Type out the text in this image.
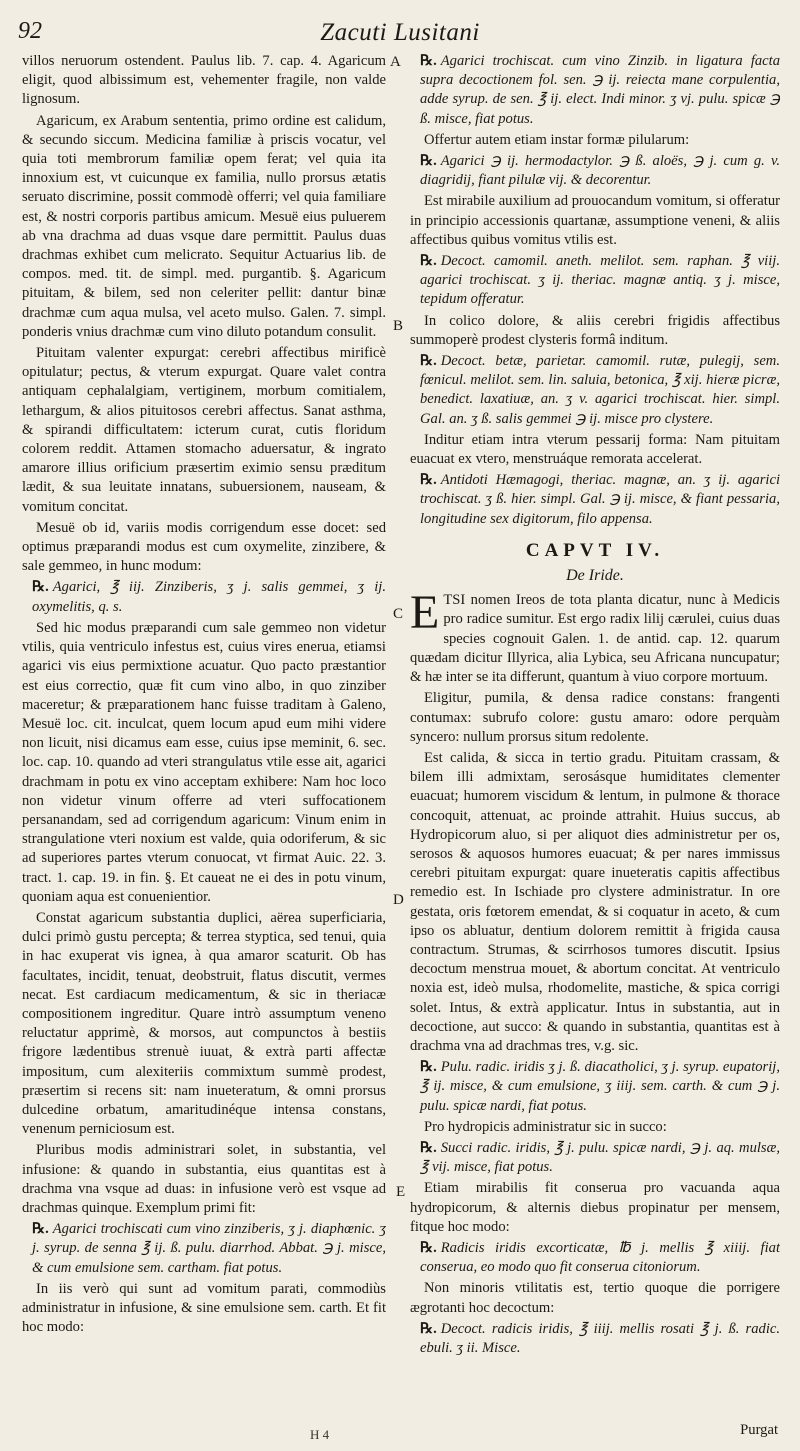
92	Zacuti Lusitani
A
B
C
D
E

villos neruorum ostendent. Paulus lib. 7. cap. 4. Agaricum eligit, quod albissimum est, vehementer fragile, non valde lignosum.

Agaricum, ex Arabum sententia, primo ordine est calidum, & secundo siccum. Medicina familiæ à priscis vocatur, vel quia toti membrorum familiæ opem ferat; vel quia ita innoxium est, vt cuicunque ex familia, nullo prorsus ætatis seruato discrimine, possit commodè offerri; vel quia familiare est, & nostri corporis partibus amicum. Mesuë eius puluerem ab vna drachma ad duas vsque dare permittit. Paulus duas drachmas exhibet cum melicrato. Sequitur Actuarius lib. de compos. med. tit. de simpl. med. purgantib. §. Agaricum pituitam, & bilem, sed non celeriter pellit: dantur binæ drachmæ cum aqua mulsa, vel aceto mulso. Galen. 7. simpl. ponderis vnius drachmæ cum vino diluto potandum consulit.

Pituitam valenter expurgat: cerebri affectibus mirificè opitulatur; pectus, & vterum expurgat. Quare valet contra antiquam cephalalgiam, vertiginem, morbum comitialem, lethargum, & alios pituitosos cerebri affectus. Sanat asthma, & spirandi difficultatem: icterum curat, cutis floridum colorem reddit. Attamen stomacho aduersatur, & ingrato amarore illius orificium præsertim eximio sensu præditum lædit, & sua leuitate innatans, subuersionem, nauseam, & vomitum concitat.

Mesuë ob id, variis modis corrigendum esse docet: sed optimus præparandi modus est cum oxymelite, zinzibere, & sale gemmeo, in hunc modum:

℞. Agarici, ℥ iij. Zinziberis, ʒ j. salis gemmei, ʒ ij. oxymelitis, q. s.

Sed hic modus præparandi cum sale gemmeo non videtur vtilis, quia ventriculo infestus est, cuius vires enerua, etiamsi agarici vis eius permixtione acuatur. Quo pacto præstantior est eius correctio, quæ fit cum vino albo, in quo zinziber maceretur; & præparationem hanc fuisse traditam à Galeno, Mesuë loc. cit. inculcat, quem locum apud eum mihi videre non licuit, nisi dicamus eam esse, cuius ipse meminit, 6. sec. loc. cap. 10. quando ad vteri strangulatus vtile esse ait, agarici drachmam in potu ex vino acceptam exhibere: Nam hoc loco non videtur vinum offerre ad vteri suffocationem persanandam, sed ad corrigendum agaricum: Vinum enim in strangulatione vteri noxium est valde, quia odoriferum, & sic ad superiores partes vterum conuocat, vt firmat Auic. 22. 3. tract. 1. cap. 19. in fin. §. Et caueat ne ei des in potu vinum, quoniam aqua est conuenientior.

Constat agaricum substantia duplici, aërea superficiaria, dulci primò gustu percepta; & terrea styptica, sed tenui, quia in hac exuperat vis ignea, à qua amaror scaturit. Ob has facultates, incidit, tenuat, deobstruit, flatus discutit, vermes necat. Est cardiacum medicamentum, & sic in theriacæ compositionem ingreditur. Quare intrò assumptum veneno reluctatur apprimè, & morsos, aut compunctos à bestiis frigore lædentibus strenuè iuuat, & extrà parti affectæ impositum, cum alexiteriis commixtum summè prodest, præsertim si recens sit: nam inueteratum, & omni prorsus dulcedine orbatum, amaritudinéque intensa constans, venenum perniciosum est.

Pluribus modis administrari solet, in substantia, vel infusione: & quando in substantia, eius quantitas est à drachma vna vsque ad duas: in infusione verò est vsque ad drachmas quinque. Exemplum primi fit:

℞. Agarici trochiscati cum vino zinziberis, ʒ j. diaphœnic. ʒ j. syrup. de senna ℥ ij. ß. pulu. diarrhod. Abbat. ℈ j. misce, & cum emulsione sem. cartham. fiat potus.

In iis verò qui sunt ad vomitum parati, commodiùs administratur in infusione, & sine emulsione sem. carth. Et fit hoc modo:

℞. Agarici trochiscat. cum vino Zinzib. in ligatura facta supra decoctionem fol. sen. ℈ ij. reiecta mane corpulentia, adde syrup. de sen. ℥ ij. elect. Indi minor. ʒ vj. pulu. spicæ ℈ ß. misce, fiat potus.

Offertur autem etiam instar formæ pilularum:

℞. Agarici ℈ ij. hermodactylor. ℈ ß. aloës, ℈ j. cum g. v. diagridij, fiant pilulæ vij. & decorentur.

Est mirabile auxilium ad prouocandum vomitum, si offeratur in principio accessionis quartanæ, assumptione veneni, & aliis affectibus quibus vomitus vtilis est.

℞. Decoct. camomil. aneth. melilot. sem. raphan. ℥ viij. agarici trochiscat. ʒ ij. theriac. magnæ antiq. ʒ j. misce, tepidum offeratur.

In colico dolore, & aliis cerebri frigidis affectibus summoperè prodest clysteris formâ inditum.

℞. Decoct. betæ, parietar. camomil. rutæ, pulegij, sem. fœnicul. melilot. sem. lin. saluia, betonica, ℥ xij. hieræ picræ, benedict. laxatiuæ, an. ʒ v. agarici trochiscat. hier. simpl. Gal. an. ʒ ß. salis gemmei ℈ ij. misce pro clystere.

Inditur etiam intra vterum pessarij forma: Nam pituitam euacuat ex vtero, menstruáque remorata accelerat.

℞. Antidoti Hæmagogi, theriac. magnæ, an. ʒ ij. agarici trochiscat. ʒ ß. hier. simpl. Gal. ℈ ij. misce, & fiant pessaria, longitudine sex digitorum, filo appensa.

CAPVT IV.
De Iride.

ETSI nomen Ireos de tota planta dicatur, nunc à Medicis pro radice sumitur. Est ergo radix lilij cærulei, cuius duas species cognouit Galen. 1. de antid. cap. 12. quarum quædam dicitur Illyrica, alia Lybica, seu Africana nuncupatur; & hæ inter se ita differunt, quantum à viuo corpore mortuum.

Eligitur, pumila, & densa radice constans: frangenti contumax: subrufo colore: gustu amaro: odore perquàm syncero: nullum prorsus situm redolente.

Est calida, & sicca in tertio gradu. Pituitam crassam, & bilem illi admixtam, serosásque humiditates clementer euacuat; humorem viscidum & lentum, in pulmone & thorace concoquit, attenuat, ac proinde attrahit. Huius succus, ab Hydropicorum aluo, si per aliquot dies administretur per os, serosos & aquosos humores euacuat; & per nares immissus cerebri pituitam expurgat: quare inueteratis capitis affectibus remedio est. In Ischiade pro clystere administratur. In ore gestata, oris fœtorem emendat, & si coquatur in aceto, & cum ipso os abluatur, dentium dolorem remittit à frigida causa contractum. Strumas, & scirrhosos tumores discutit. Ipsius decoctum menstrua mouet, & abortum concitat. At ventriculo noxia est, ideò mulsa, rhodomelite, mastiche, & spica corrigi solet. Intus, & extrà applicatur. Intus in substantia, aut in decoctione, aut succo: & quando in substantia, quantitas est à drachma vna ad drachmas tres, v.g. sic.

℞. Pulu. radic. iridis ʒ j. ß. diacatholici, ʒ j. syrup. eupatorij, ℥ ij. misce, & cum emulsione, ʒ iiij. sem. carth. & cum ℈ j. pulu. spicæ nardi, fiat potus.

Pro hydropicis administratur sic in succo:

℞. Succi radic. iridis, ℥ j. pulu. spicæ nardi, ℈ j. aq. mulsæ, ℥ vij. misce, fiat potus.

Etiam mirabilis fit conserua pro vacuanda aqua hydropicorum, & alternis diebus propinatur per mensem, fitque hoc modo:

℞. Radicis iridis excorticatæ, ℔ j. mellis ℥ xiiij. fiat conserua, eo modo quo fit conserua citoniorum.

Non minoris vtilitatis est, tertio quoque die porrigere ægrotanti hoc decoctum:

℞. Decoct. radicis iridis, ℥ iiij. mellis rosati ℥ j. ß. radic. ebuli. ʒ ii. Misce.

H 4	Purgat
